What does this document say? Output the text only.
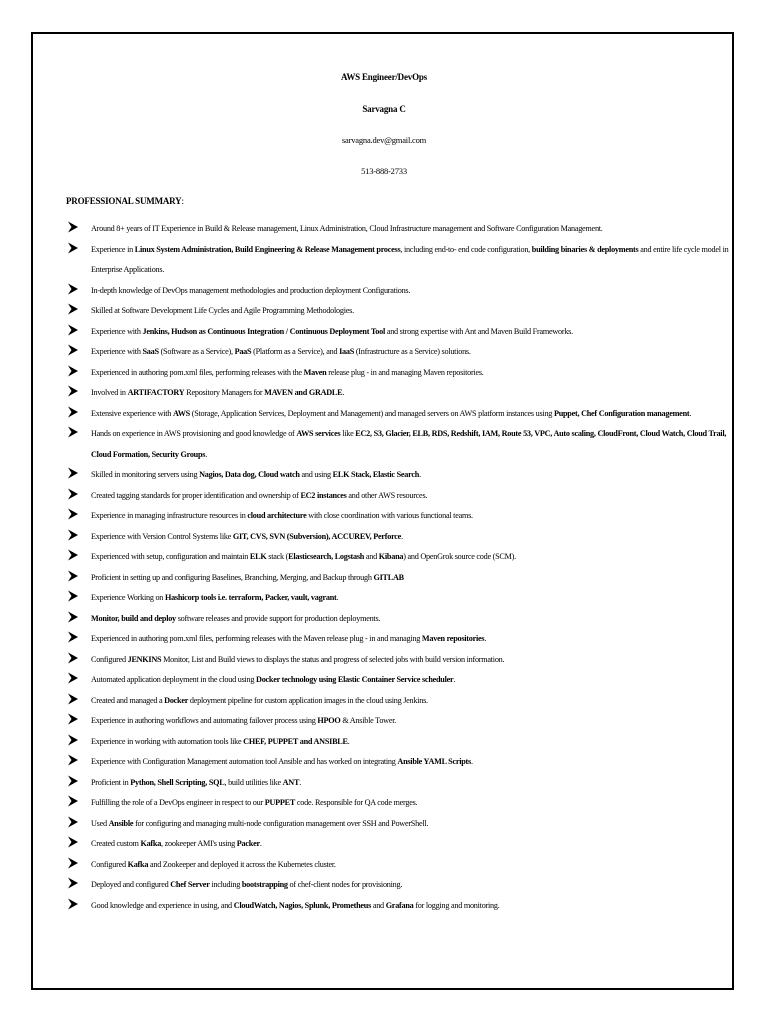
AWS Engineer/DevOps
Sarvagna C
sarvagna.dev@gmail.com
513-888-2733
PROFESSIONAL SUMMARY:
Around 8+ years of IT Experience in Build & Release management, Linux Administration, Cloud Infrastructure management and Software Configuration Management.
Experience in Linux System Administration, Build Engineering & Release Management process, including end-to- end code configuration, building binaries & deployments and entire life cycle model in Enterprise Applications.
In-depth knowledge of DevOps management methodologies and production deployment Configurations.
Skilled at Software Development Life Cycles and Agile Programming Methodologies.
Experience with Jenkins, Hudson as Continuous Integration / Continuous Deployment Tool and strong expertise with Ant and Maven Build Frameworks.
Experience with SaaS (Software as a Service), PaaS (Platform as a Service), and IaaS (Infrastructure as a Service) solutions.
Experienced in authoring pom.xml files, performing releases with the Maven release plug - in and managing Maven repositories.
Involved in ARTIFACTORY Repository Managers for MAVEN and GRADLE.
Extensive experience with AWS (Storage, Application Services, Deployment and Management) and managed servers on AWS platform instances using Puppet, Chef Configuration management.
Hands on experience in AWS provisioning and good knowledge of AWS services like EC2, S3, Glacier, ELB, RDS, Redshift, IAM, Route 53, VPC, Auto scaling, CloudFront, Cloud Watch, Cloud Trail, Cloud Formation, Security Groups.
Skilled in monitoring servers using Nagios, Data dog, Cloud watch and using ELK Stack, Elastic Search.
Created tagging standards for proper identification and ownership of EC2 instances and other AWS resources.
Experience in managing infrastructure resources in cloud architecture with close coordination with various functional teams.
Experience with Version Control Systems like GIT, CVS, SVN (Subversion), ACCUREV, Perforce.
Experienced with setup, configuration and maintain ELK stack (Elasticsearch, Logstash and Kibana) and OpenGrok source code (SCM).
Proficient in setting up and configuring Baselines, Branching, Merging, and Backup through GITLAB
Experience Working on Hashicorp tools i.e. terraform, Packer, vault, vagrant.
Monitor, build and deploy software releases and provide support for production deployments.
Experienced in authoring pom.xml files, performing releases with the Maven release plug - in and managing Maven repositories.
Configured JENKINS Monitor, List and Build views to displays the status and progress of selected jobs with build version information.
Automated application deployment in the cloud using Docker technology using Elastic Container Service scheduler.
Created and managed a Docker deployment pipeline for custom application images in the cloud using Jenkins.
Experience in authoring workflows and automating failover process using HPOO & Ansible Tower.
Experience in working with automation tools like CHEF, PUPPET and ANSIBLE.
Experience with Configuration Management automation tool Ansible and has worked on integrating Ansible YAML Scripts.
Proficient in Python, Shell Scripting, SQL, build utilities like ANT.
Fulfilling the role of a DevOps engineer in respect to our PUPPET code. Responsible for QA code merges.
Used Ansible for configuring and managing multi-node configuration management over SSH and PowerShell.
Created custom Kafka, zookeeper AMI's using Packer.
Configured Kafka and Zookeeper and deployed it across the Kubernetes cluster.
Deployed and configured Chef Server including bootstrapping of chef-client nodes for provisioning.
Good knowledge and experience in using, and CloudWatch, Nagios, Splunk, Prometheus and Grafana for logging and monitoring.
